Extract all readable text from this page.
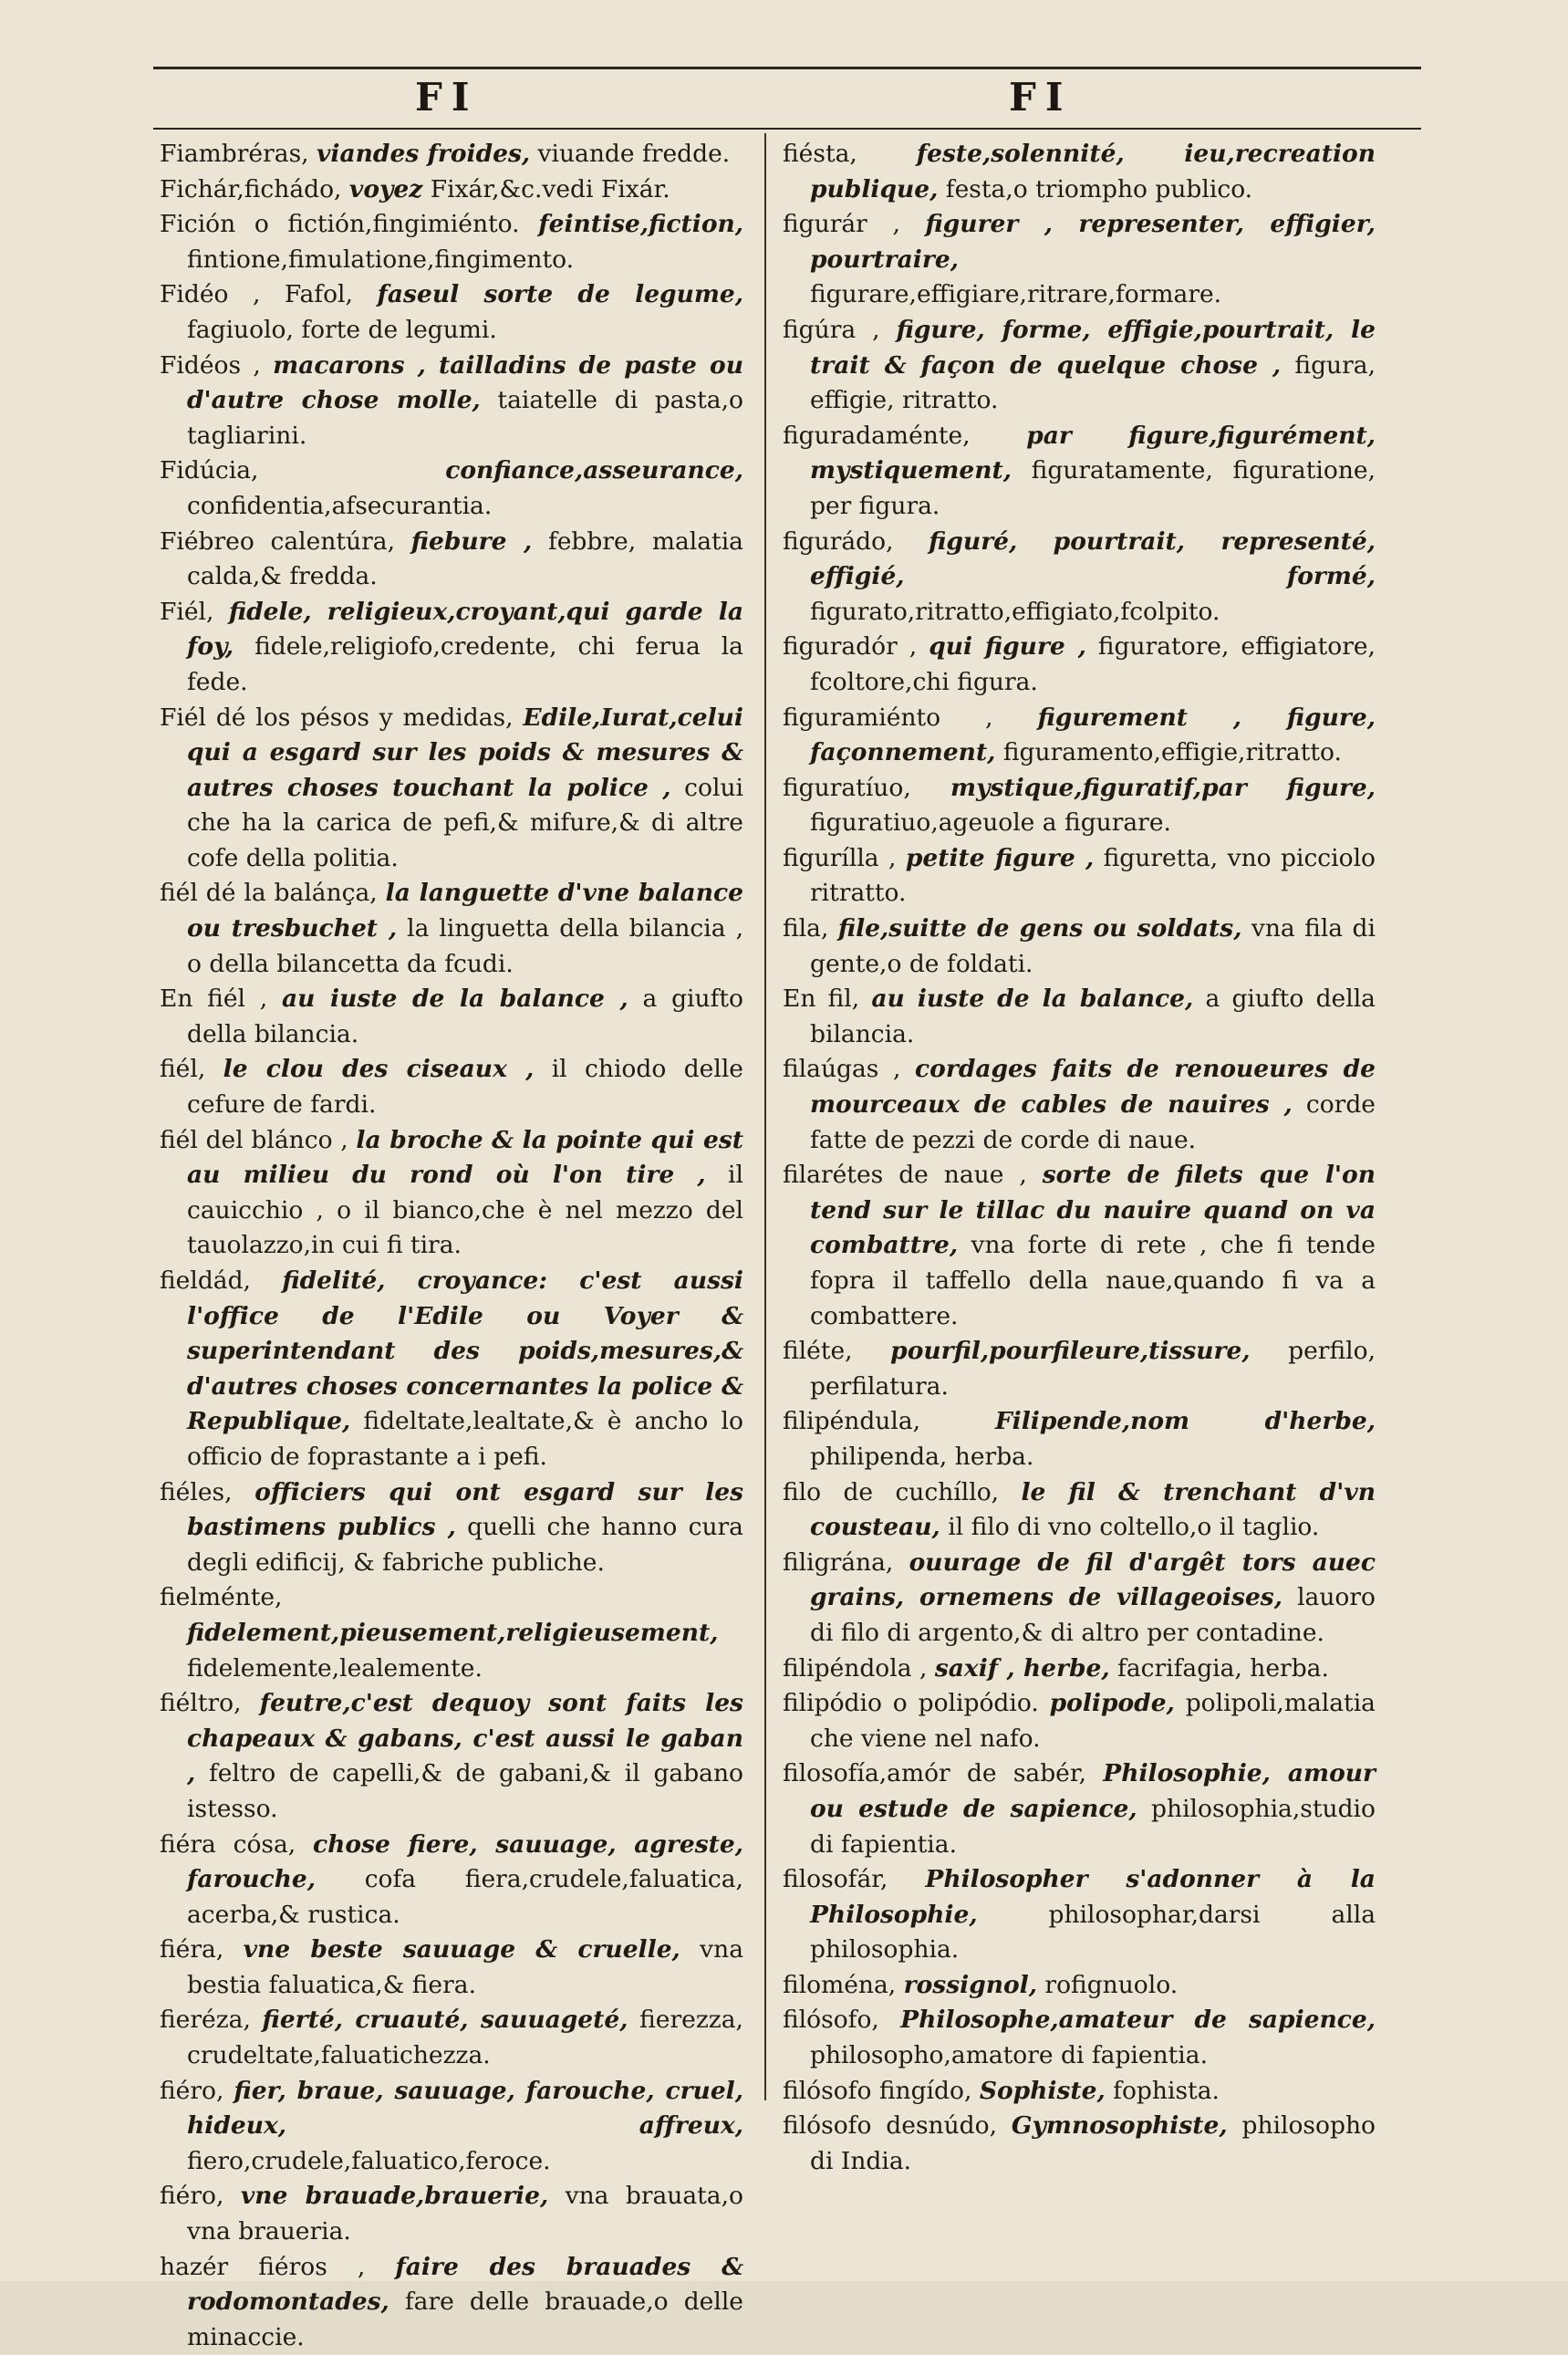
FI	FI

Fiambréras, viandes froides, viuande fredde.

Fichár,fichádo, voyez Fixár,&c.vedi Fixár.

Fición o fictión,fingimiénto. feintise,fiction, fintione,fimulatione,fingimento.

Fidéo , Fafol, faseul sorte de legume, fagiuolo, forte de legumi.

Fidéos , macarons , tailladins de paste ou d'autre chose molle, taiatelle di pasta,o tagliarini.

Fidúcia,	confiance,asseurance, confidentia,afsecurantia.

Fiébreo calentúra, fiebure , febbre, malatia calda,& fredda.

Fiél, fidele, religieux,croyant,qui garde la foy, fidele,religiofo,credente, chi ferua la fede.

Fiél dé los pésos y medidas, Edile,Iurat,celui qui a esgard sur les poids & mesures & autres choses touchant la police , colui che ha la carica de pefi,& mifure,& di altre cofe della politia.

fiél dé la balánça, la languette d'vne balance ou tresbuchet , la linguetta della bilancia , o della bilancetta da fcudi.

En fiél , au iuste de la balance , a giufto della bilancia.

fiél, le clou des ciseaux , il chiodo delle cefure de fardi.

fiél del blánco , la broche & la pointe qui est au milieu du rond où l'on tire , il cauicchio , o il bianco,che è nel mezzo del tauolazzo,in cui fi tira.

fieldád, fidelité, croyance: c'est aussi l'office de l'Edile ou Voyer & superintendant des poids,mesures,& d'autres choses concernantes la police & Republique, fideltate,lealtate,& è ancho lo officio de foprastante a i pefi.

fiéles, officiers qui ont esgard sur les bastimens publics , quelli che hanno cura degli edificij, & fabriche publiche.

fielménte, fidelement,pieusement,religieusement, fidelemente,lealemente.

fiéltro, feutre,c'est dequoy sont faits les chapeaux & gabans, c'est aussi le gaban , feltro de capelli,& de gabani,& il gabano istesso.

fiéra cósa, chose fiere, sauuage, agreste, farouche, cofa fiera,crudele,faluatica, acerba,& rustica.

fiéra, vne beste sauuage & cruelle, vna bestia faluatica,& fiera.

fieréza, fierté, cruauté, sauuageté, fierezza, crudeltate,faluatichezza.

fiéro, fier, braue, sauuage, farouche, cruel, hideux, affreux, fiero,crudele,faluatico,feroce.

fiéro, vne brauade,brauerie, vna brauata,o vna braueria.

hazér fiéros , faire des brauades & rodomontades, fare delle brauade,o delle minaccie.

fiésta, feste,solennité, ieu,recreation publique, festa,o triompho publico.

figurár , figurer , representer, effigier, pourtraire, figurare,effigiare,ritrare,formare.

figúra , figure, forme, effigie,pourtrait, le trait & façon de quelque chose , figura, effigie, ritratto.

figuradaménte, par figure,figurément, mystiquement, figuratamente, figuratione, per figura.

figurádo, figuré, pourtrait, representé, effigié, formé, figurato,ritratto,effigiato,fcolpito.

figuradór , qui figure , figuratore, effigiatore, fcoltore,chi figura.

figuramiénto , figurement , figure, façonnement, figuramento,effigie,ritratto.

figuratíuo, mystique,figuratif,par figure, figuratiuo,ageuole a figurare.

figurílla , petite figure , figuretta, vno picciolo ritratto.

fila, file,suitte de gens ou soldats, vna fila di gente,o de foldati.

En fil, au iuste de la balance, a giufto della bilancia.

filaúgas , cordages faits de renoueures de mourceaux de cables de nauires , corde fatte de pezzi de corde di naue.

filarétes de naue , sorte de filets que l'on tend sur le tillac du nauire quand on va combattre, vna forte di rete , che fi tende fopra il taffello della naue,quando fi va a combattere.

filéte, pourfil,pourfileure,tissure, perfilo, perfilatura.

filipéndula,	Filipende,nom d'herbe, philipenda, herba.

filo de cuchíllo, le fil & trenchant d'vn cousteau, il filo di vno coltello,o il taglio.

filigrána, ouurage de fil d'argêt tors auec grains, ornemens de villageoises, lauoro di filo di argento,& di altro per contadine.

filipéndola , saxif , herbe, facrifagia, herba.

filipódio o polipódio. polipode, polipoli,malatia che viene nel nafo.

filosofía,amór de sabér, Philosophie, amour ou estude de sapience, philosophia,studio di fapientia.

filosofár, Philosopher s'adonner à la Philosophie,	philosophar,darsi alla philosophia.

filoména, rossignol, rofignuolo.

filósofo, Philosophe,amateur de sapience, philosopho,amatore di fapientia.

filósofo fingído, Sophiste, fophista.

filósofo desnúdo, Gymnosophiste, philosopho di India.
